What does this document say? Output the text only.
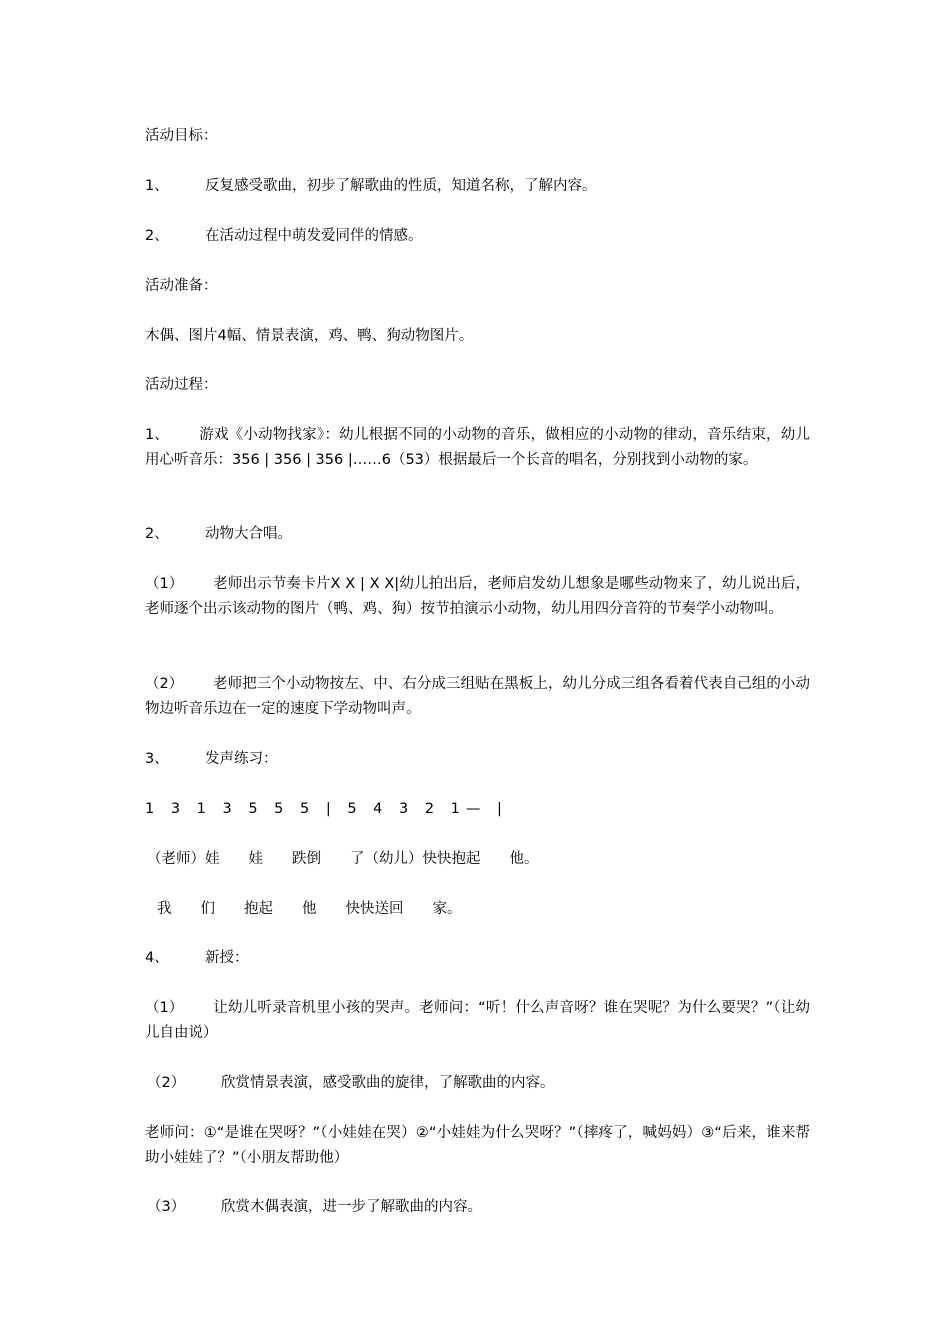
活动目标：
1、	反复感受歌曲，初步了解歌曲的性质，知道名称，了解内容。
2、	在活动过程中萌发爱同伴的情感。
活动准备：
木偶、图片4幅、情景表演，鸡、鸭、狗动物图片。
活动过程：
1、 游戏《小动物找家》：幼儿根据不同的小动物的音乐，做相应的小动物的律动，音乐结束，幼儿用心听音乐：356 | 356 | 356 |……6（53）根据最后一个长音的唱名，分别找到小动物的家。
2、	动物大合唱。
（1） 老师出示节奏卡片X X | X X|幼儿拍出后，老师启发幼儿想象是哪些动物来了，幼儿说出后，老师逐个出示该动物的图片（鸭、鸡、狗）按节拍演示小动物，幼儿用四分音符的节奏学小动物叫。
（2） 老师把三个小动物按左、中、右分成三组贴在黑板上，幼儿分成三组各看着代表自己组的小动物边听音乐边在一定的速度下学动物叫声。
3、	发声练习：
1 3 1 3 5 5 5 | 5 4 3 2 1— |
（老师）娃　　娃　　跌倒　　了（幼儿）快快抱起　　他。
我　　们　　抱起　　他　　快快送回　　家。
4、	新授：
（1） 让幼儿听录音机里小孩的哭声。老师问：“听！什么声音呀？谁在哭呢？为什么要哭？”（让幼儿自由说）
（2） 欣赏情景表演，感受歌曲的旋律，了解歌曲的内容。
老师问：①“是谁在哭呀？”（小娃娃在哭）②“小娃娃为什么哭呀？”（摔疼了，喊妈妈）③“后来，谁来帮助小娃娃了？”（小朋友帮助他）
（3） 欣赏木偶表演，进一步了解歌曲的内容。
